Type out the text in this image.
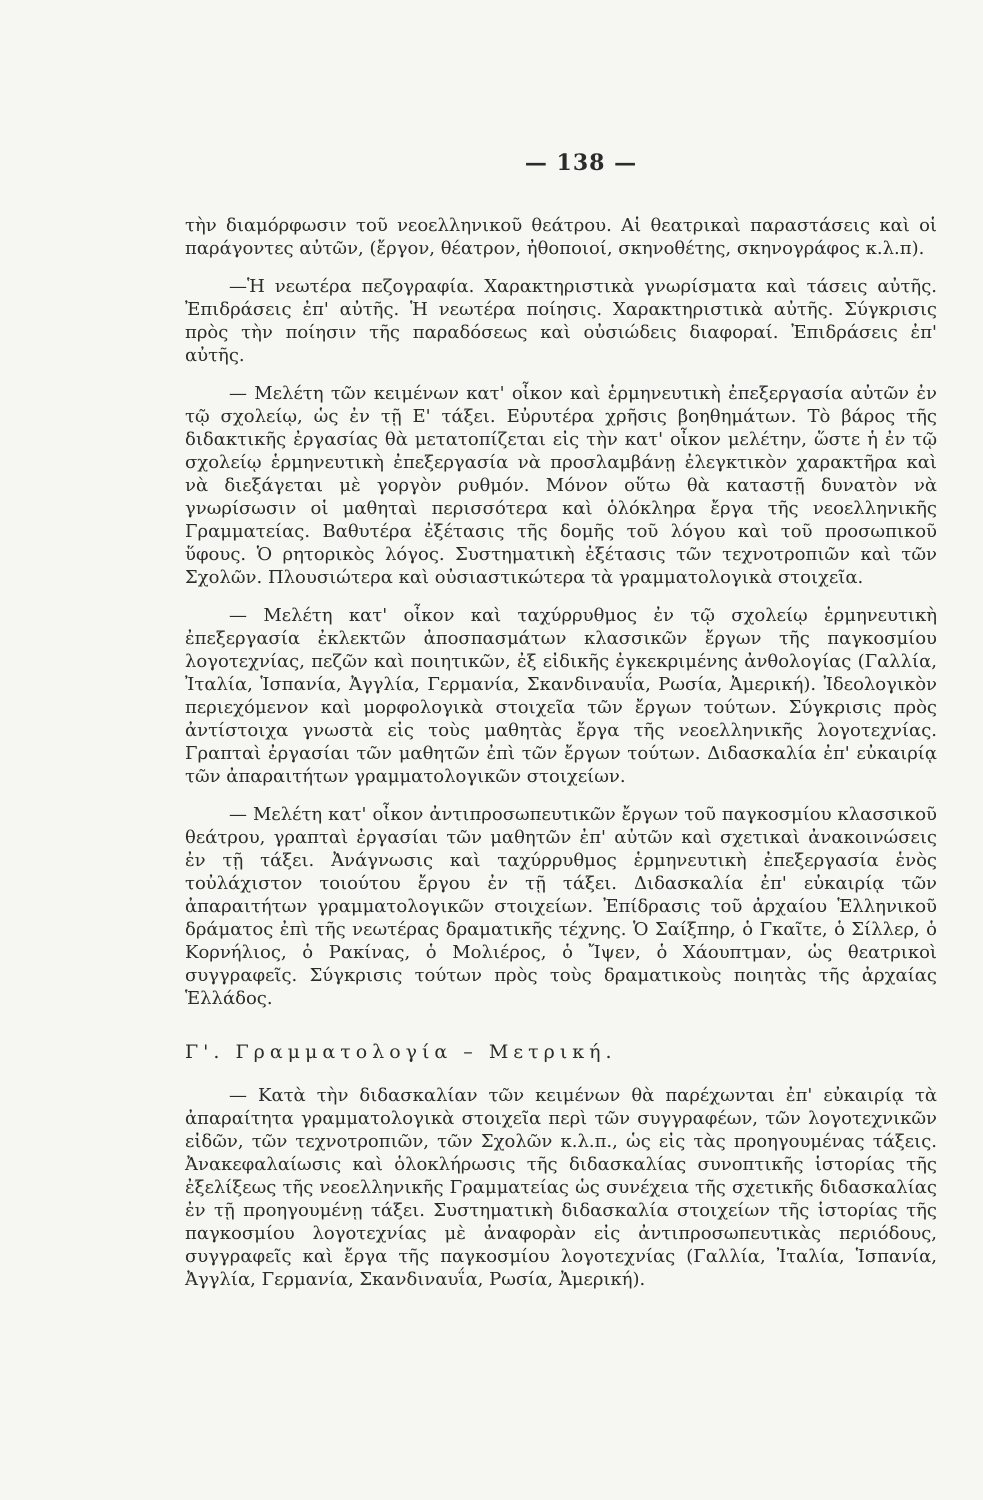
— 138 —

τὴν διαμόρφωσιν τοῦ νεοελληνικοῦ θεάτρου. Αἱ θεατρικαὶ παραστάσεις καὶ οἱ παράγοντες αὐτῶν, (ἔργον, θέατρον, ἠθοποιοί, σκηνοθέτης, σκηνογράφος κ.λ.π).

—Ἡ νεωτέρα πεζογραφία. Χαρακτηριστικὰ γνωρίσματα καὶ τάσεις αὐτῆς. Ἐπιδράσεις ἐπ' αὐτῆς. Ἡ νεωτέρα ποίησις. Χαρακτηριστικὰ αὐτῆς. Σύγκρισις πρὸς τὴν ποίησιν τῆς παραδόσεως καὶ οὐσιώδεις διαφοραί. Ἐπιδράσεις ἐπ' αὐτῆς.

— Μελέτη τῶν κειμένων κατ' οἶκον καὶ ἑρμηνευτικὴ ἐπεξεργασία αὐτῶν ἐν τῷ σχολείῳ, ὡς ἐν τῇ Ε' τάξει. Εὐρυτέρα χρῆσις βοηθημάτων. Τὸ βάρος τῆς διδακτικῆς ἐργασίας θὰ μετατοπίζεται εἰς τὴν κατ' οἶκον μελέτην, ὥστε ἡ ἐν τῷ σχολείῳ ἑρμηνευτικὴ ἐπεξεργασία νὰ προσλαμβάνῃ ἐλεγκτικὸν χαρακτῆρα καὶ νὰ διεξάγεται μὲ γοργὸν ρυθμόν. Μόνον οὕτω θὰ καταστῇ δυνατὸν νὰ γνωρίσωσιν οἱ μαθηταὶ περισσότερα καὶ ὁλόκληρα ἔργα τῆς νεοελληνικῆς Γραμματείας. Βαθυτέρα ἐξέτασις τῆς δομῆς τοῦ λόγου καὶ τοῦ προσωπικοῦ ὕφους. Ὁ ρητορικὸς λόγος. Συστηματικὴ ἐξέτασις τῶν τεχνοτροπιῶν καὶ τῶν Σχολῶν. Πλουσιώτερα καὶ οὐσιαστικώτερα τὰ γραμματολογικὰ στοιχεῖα.

— Μελέτη κατ' οἶκον καὶ ταχύρρυθμος ἐν τῷ σχολείῳ ἑρμηνευτικὴ ἐπεξεργασία ἐκλεκτῶν ἀποσπασμάτων κλασσικῶν ἔργων τῆς παγκοσμίου λογοτεχνίας, πεζῶν καὶ ποιητικῶν, ἐξ εἰδικῆς ἐγκεκριμένης ἀνθολογίας (Γαλλία, Ἰταλία, Ἱσπανία, Ἀγγλία, Γερμανία, Σκανδιναυΐα, Ρωσία, Ἀμερική). Ἰδεολογικὸν περιεχόμενον καὶ μορφολογικὰ στοιχεῖα τῶν ἔργων τούτων. Σύγκρισις πρὸς ἀντίστοιχα γνωστὰ εἰς τοὺς μαθητὰς ἔργα τῆς νεοελληνικῆς λογοτεχνίας. Γραπταὶ ἐργασίαι τῶν μαθητῶν ἐπὶ τῶν ἔργων τούτων. Διδασκαλία ἐπ' εὐκαιρίᾳ τῶν ἀπαραιτήτων γραμματολογικῶν στοιχείων.

— Μελέτη κατ' οἶκον ἀντιπροσωπευτικῶν ἔργων τοῦ παγκοσμίου κλασσικοῦ θεάτρου, γραπταὶ ἐργασίαι τῶν μαθητῶν ἐπ' αὐτῶν καὶ σχετικαὶ ἀνακοινώσεις ἐν τῇ τάξει. Ἀνάγνωσις καὶ ταχύρρυθμος ἑρμηνευτικὴ ἐπεξεργασία ἑνὸς τοὐλάχιστον τοιούτου ἔργου ἐν τῇ τάξει. Διδασκαλία ἐπ' εὐκαιρίᾳ τῶν ἀπαραιτήτων γραμματολογικῶν στοιχείων. Ἐπίδρασις τοῦ ἀρχαίου Ἑλληνικοῦ δράματος ἐπὶ τῆς νεωτέρας δραματικῆς τέχνης. Ὁ Σαίξπηρ, ὁ Γκαῖτε, ὁ Σίλλερ, ὁ Κορνήλιος, ὁ Ρακίνας, ὁ Μολιέρος, ὁ Ἴψεν, ὁ Χάουπτμαν, ὡς θεατρικοὶ συγγραφεῖς. Σύγκρισις τούτων πρὸς τοὺς δραματικοὺς ποιητὰς τῆς ἀρχαίας Ἑλλάδος.

Γ'. Γραμματολογία – Μετρική.

— Κατὰ τὴν διδασκαλίαν τῶν κειμένων θὰ παρέχωνται ἐπ' εὐκαιρίᾳ τὰ ἀπαραίτητα γραμματολογικὰ στοιχεῖα περὶ τῶν συγγραφέων, τῶν λογοτεχνικῶν εἰδῶν, τῶν τεχνοτροπιῶν, τῶν Σχολῶν κ.λ.π., ὡς εἰς τὰς προηγουμένας τάξεις. Ἀνακεφαλαίωσις καὶ ὁλοκλήρωσις τῆς διδασκαλίας συνοπτικῆς ἱστορίας τῆς ἐξελίξεως τῆς νεοελληνικῆς Γραμματείας ὡς συνέχεια τῆς σχετικῆς διδασκαλίας ἐν τῇ προηγουμένῃ τάξει. Συστηματικὴ διδασκαλία στοιχείων τῆς ἱστορίας τῆς παγκοσμίου λογοτεχνίας μὲ ἀναφορὰν εἰς ἀντιπροσωπευτικὰς περιόδους, συγγραφεῖς καὶ ἔργα τῆς παγκοσμίου λογοτεχνίας (Γαλλία, Ἰταλία, Ἱσπανία, Ἀγγλία, Γερμανία, Σκανδιναυΐα, Ρωσία, Ἀμερική).
